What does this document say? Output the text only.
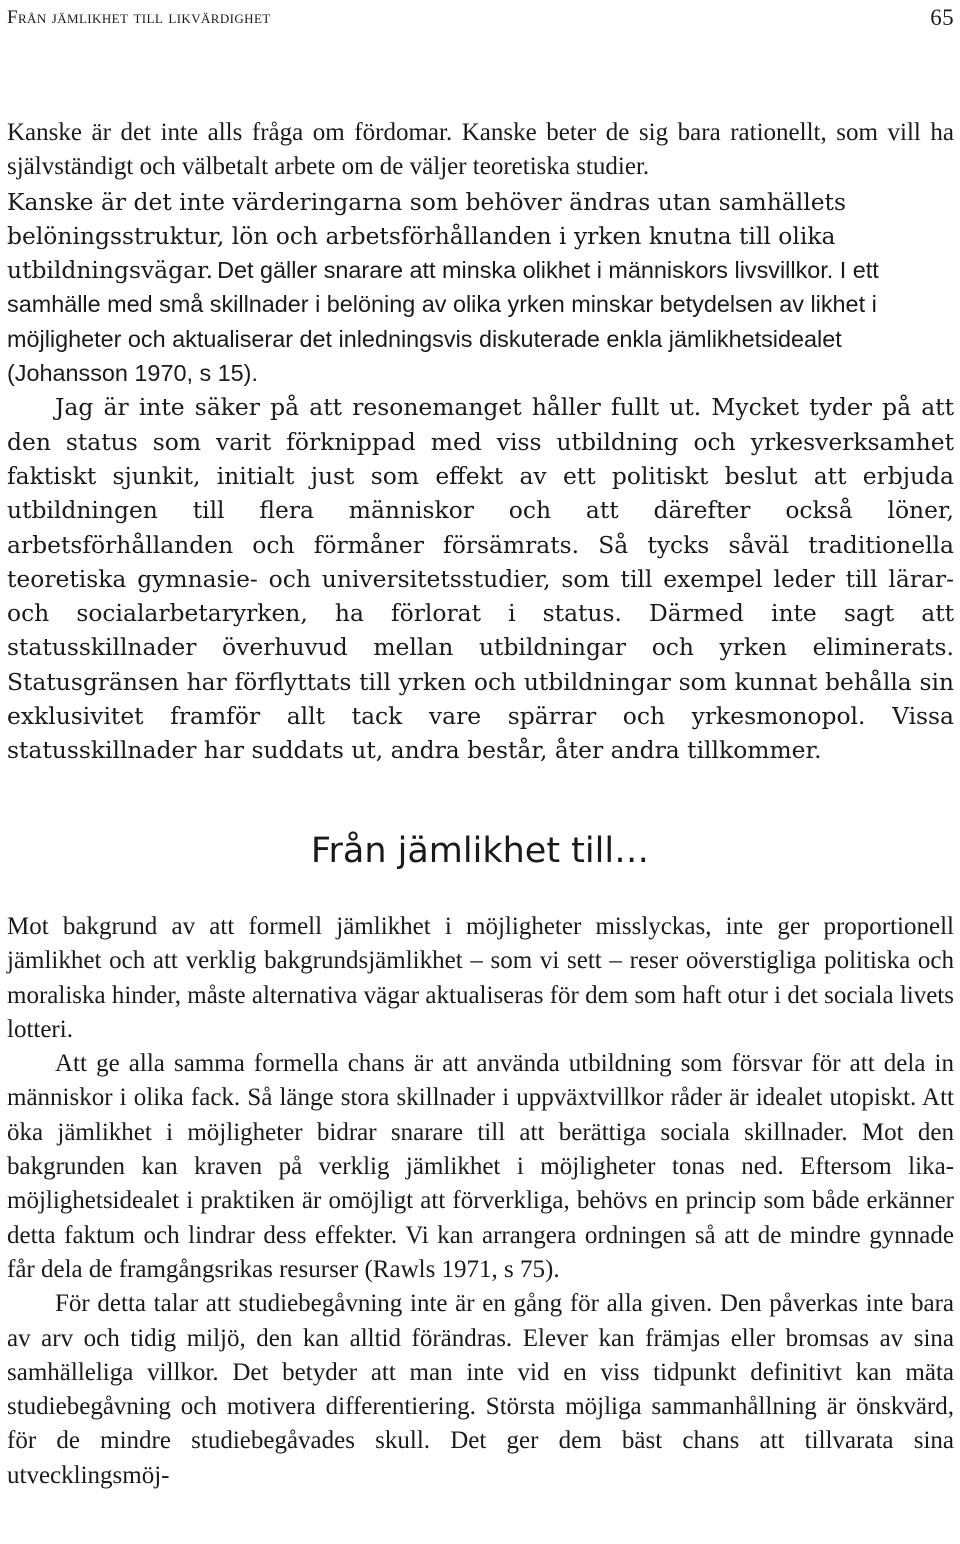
Från jämlikhet till likvärdighet	65

Kanske är det inte alls fråga om fördomar. Kanske beter de sig bara rationellt, som vill ha självständigt och välbetalt arbete om de väljer teoretiska studier.

Kanske är det inte värderingarna som behöver ändras utan samhällets belöningsstruktur, lön och arbetsförhållanden i yrken knutna till olika utbildningsvägar.

Det gäller snarare att minska olikhet i människors livsvillkor. I ett samhälle med små skillnader i belöning av olika yrken minskar betydelsen av likhet i möjligheter och aktualiserar det inledningsvis diskuterade enkla jämlikhetsidealet (Johansson 1970, s 15).

Jag är inte säker på att resonemanget håller fullt ut. Mycket tyder på att den status som varit förknippad med viss utbildning och yrkesverksamhet faktiskt sjunkit, initialt just som effekt av ett politiskt beslut att erbjuda utbildningen till flera människor och att därefter också löner, arbetsförhållanden och förmåner försämrats. Så tycks såväl traditionella teoretiska gymnasie- och universitetsstudier, som till exempel leder till lärar- och socialarbetaryrken, ha förlorat i status. Därmed inte sagt att statusskillnader överhuvud mellan utbildningar och yrken eliminerats. Statusgränsen har förflyttats till yrken och utbildningar som kunnat behålla sin exklusivitet framför allt tack vare spärrar och yrkesmonopol. Vissa statusskillnader har suddats ut, andra består, åter andra tillkommer.

Från jämlikhet till…

Mot bakgrund av att formell jämlikhet i möjligheter misslyckas, inte ger proportionell jämlikhet och att verklig bakgrundsjämlikhet – som vi sett – reser oöverstigliga politiska och moraliska hinder, måste alternativa vägar aktualiseras för dem som haft otur i det sociala livets lotteri.

Att ge alla samma formella chans är att använda utbildning som försvar för att dela in människor i olika fack. Så länge stora skillnader i uppväxtvillkor råder är idealet utopiskt. Att öka jämlikhet i möjligheter bidrar snarare till att berättiga sociala skillnader. Mot den bakgrunden kan kraven på verklig jämlikhet i möjligheter tonas ned. Eftersom lika-möjlighetsidealet i praktiken är omöjligt att förverkliga, behövs en princip som både erkänner detta faktum och lindrar dess effekter. Vi kan arrangera ordningen så att de mindre gynnade får dela de framgångsrikas resurser (Rawls 1971, s 75).

För detta talar att studiebegåvning inte är en gång för alla given. Den påverkas inte bara av arv och tidig miljö, den kan alltid förändras. Elever kan främjas eller bromsas av sina samhälleliga villkor. Det betyder att man inte vid en viss tidpunkt definitivt kan mäta studiebegåvning och motivera differentiering. Största möjliga sammanhållning är önskvärd, för de mindre studiebegåvades skull. Det ger dem bäst chans att tillvarata sina utvecklingsmöj-
